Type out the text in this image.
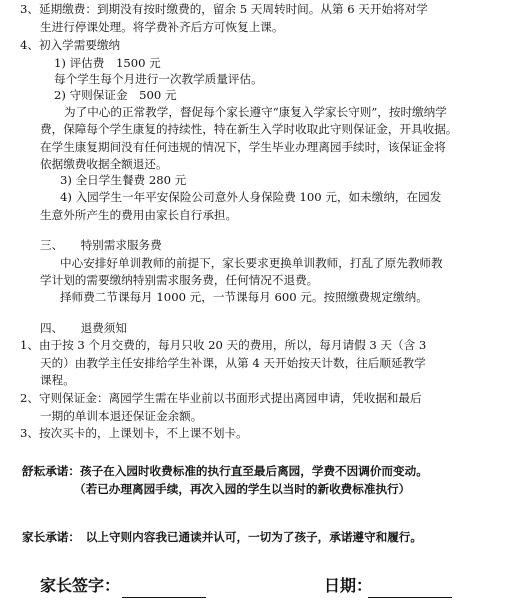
3、延期缴费：到期没有按时缴费的，留余 5 天周转时间。从第 6 天开始将对学
生进行停课处理。将学费补齐后方可恢复上课。
4、初入学需要缴纳
1) 评估费　1500 元
每个学生每个月进行一次教学质量评估。
2) 守则保证金　500 元
为了中心的正常教学，督促每个家长遵守“康复入学家长守则”，按时缴纳学
费，保障每个学生康复的持续性，特在新生入学时收取此守则保证金，开具收据。
在学生康复期间没有任何违规的情况下，学生毕业办理离园手续时，该保证金将
依据缴费收据全额退还。
3) 全日学生餐费 280 元
4) 入园学生一年平安保险公司意外人身保险费 100 元，如未缴纳，在园发
生意外所产生的费用由家长自行承担。
三、　　特别需求服务费
中心安排好单训教师的前提下，家长要求更换单训教师，打乱了原先教师教
学计划的需要缴纳特别需求服务费，任何情况不退费。
择师费二节课每月 1000 元，一节课每月 600 元。按照缴费规定缴纳。
四、　　退费须知
1、由于按 3 个月交费的，每月只收 20 天的费用，所以，每月请假 3 天（含 3
天的）由教学主任安排给学生补课，从第 4 天开始按天计数，往后顺延教学
课程。
2、守则保证金：离园学生需在毕业前以书面形式提出离园申请，凭收据和最后
一期的单训本退还保证金余额。
3、按次买卡的，上课划卡，不上课不划卡。
舒耘承诺：孩子在入园时收费标准的执行直至最后离园，学费不因调价而变动。
（若已办理离园手续，再次入园的学生以当时的新收费标准执行）
家长承诺：　以上守则内容我已通读并认可，一切为了孩子，承诺遵守和履行。
家长签字：	日期：
